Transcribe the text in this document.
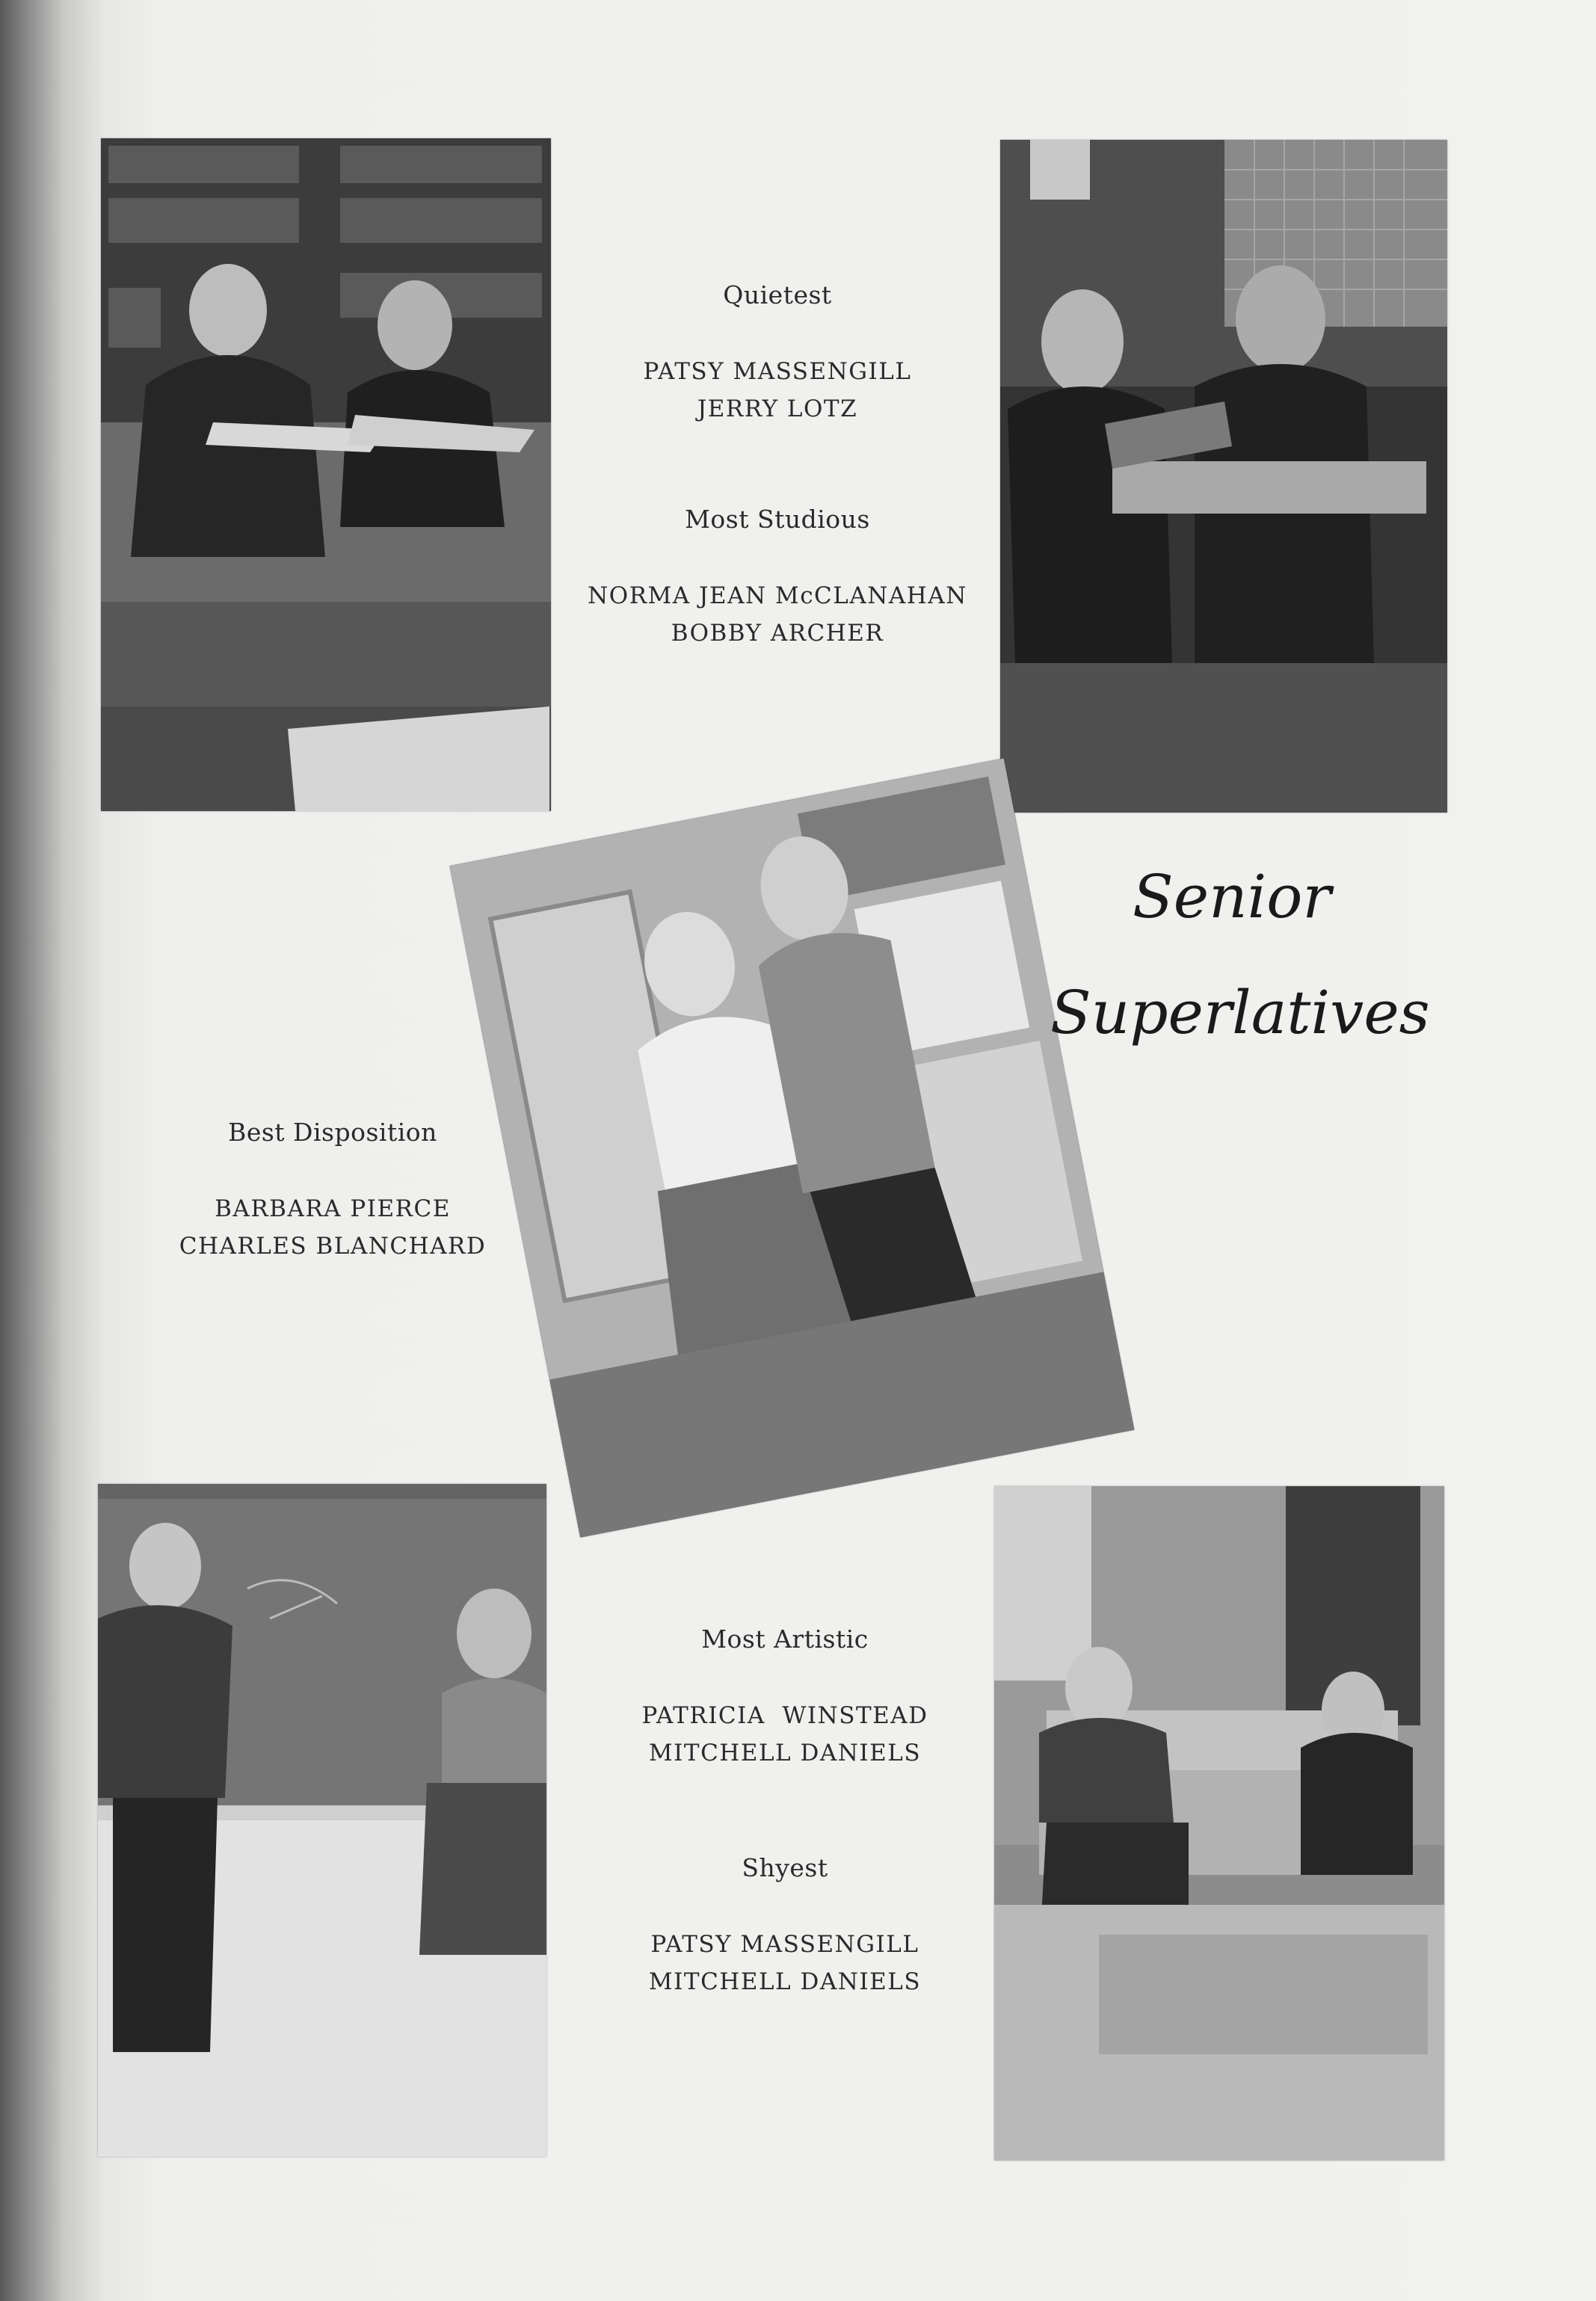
Quietest
PATSY MASSENGILL
JERRY LOTZ
Most Studious
NORMA JEAN McCLANAHAN
BOBBY ARCHER
Senior
Superlatives
Best Disposition
BARBARA PIERCE
CHARLES BLANCHARD
Most Artistic
PATRICIA  WINSTEAD
MITCHELL DANIELS
Shyest
PATSY MASSENGILL
MITCHELL DANIELS
